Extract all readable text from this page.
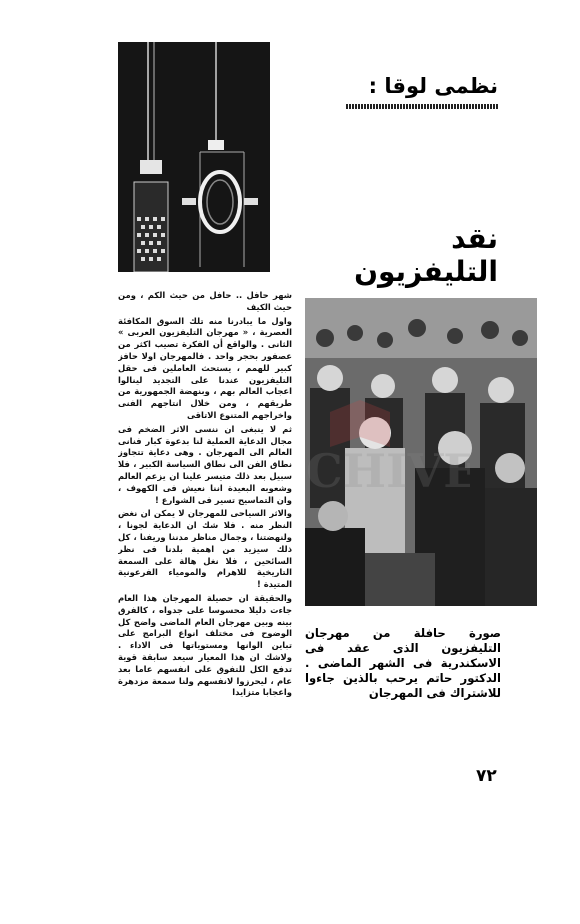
نظمى لوقا :
نقد التليفزيون

شهر حافل .. حافل من حيث الكم ، ومن حيث الكيف

واول ما يبادرنا منه تلك السوق المكافئة العصرية ، « مهرجان التليفزيون العربى » الثانى . والواقع أن الفكرة تصيب اكثر من عصفور بحجر واحد . فالمهرجان اولا حافز كبير للهمم ، يستحث العاملين فى حقل التليفزيون عندنا على التجديد لينالوا اعجاب العالم بهم ، وبنهضة الجمهورية من طريقهم ، ومن خلال انتاجهم الفنى واخراجهم المتنوع الاتاقى

ثم لا ينبغى ان ننسى الاثر الضخم فى مجال الدعاية العملية لنا بدعوة كبار فنانى العالم الى المهرجان . وهى دعاية تتجاوز نطاق الفن الى نطاق السياسة الكبير ، فلا سبيل بعد ذلك متيسر علينا ان يزعم العالم وشعوبه البعيدة اننا نعيش فى الكهوف ، وان التماسيح تسير فى الشوارع !

والاثر السياحى للمهرجان لا يمكن ان نغض النظر منه . فلا شك ان الدعاية لجونا ، ولنهضتنا ، وجمال مناظر مدننا وريفنا ، كل ذلك سيزيد من اهمية بلدنا فى نظر السائحين ، فلا نغل هالة على السمعة التاريخية للاهرام والمومياء الفرعونية المتيدة !

والحقيقة ان حصيلة المهرجان هذا العام جاءت دليلا محسوسا على جدواه ، كالفرق بينه وبين مهرجان العام الماضى واضح كل الوضوح فى مختلف انواع البرامج على تباين الوانها ومستوياتها فى الاداء . ولاشك ان هذا المعيار سيعد سابقة قوية تدفع الكل للتفوق على انفسهم عاما بعد عام ، ليحرزوا لانفسهم ولنا سمعة مزدهرة واعجابا متزايدا

CHIVE
صورة حافلة من مهرجان التليفزيون الذى عقد فى الاسكندرية فى الشهر الماضى . الدكتور حاتم يرحب بالذين جاءوا للاشتراك فى المهرجان
٧٢
